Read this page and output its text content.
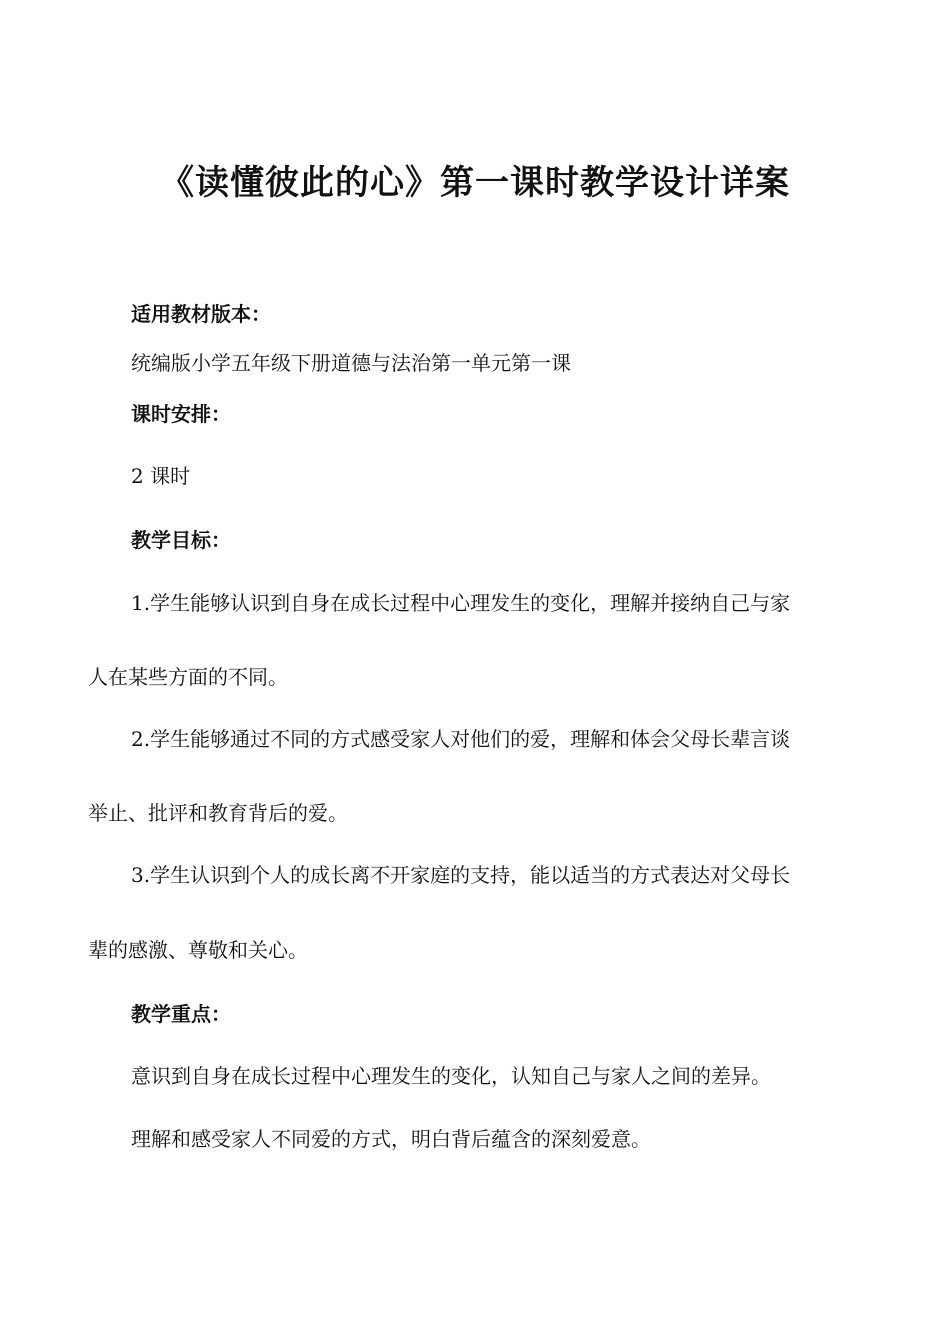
《读懂彼此的心》第一课时教学设计详案

适用教材版本：

统编版小学五年级下册道德与法治第一单元第一课

课时安排：

2 课时

教学目标：

1.学生能够认识到自身在成长过程中心理发生的变化，理解并接纳自己与家

人在某些方面的不同。

2.学生能够通过不同的方式感受家人对他们的爱，理解和体会父母长辈言谈

举止、批评和教育背后的爱。

3.学生认识到个人的成长离不开家庭的支持，能以适当的方式表达对父母长

辈的感激、尊敬和关心。

教学重点：

意识到自身在成长过程中心理发生的变化，认知自己与家人之间的差异。

理解和感受家人不同爱的方式，明白背后蕴含的深刻爱意。
